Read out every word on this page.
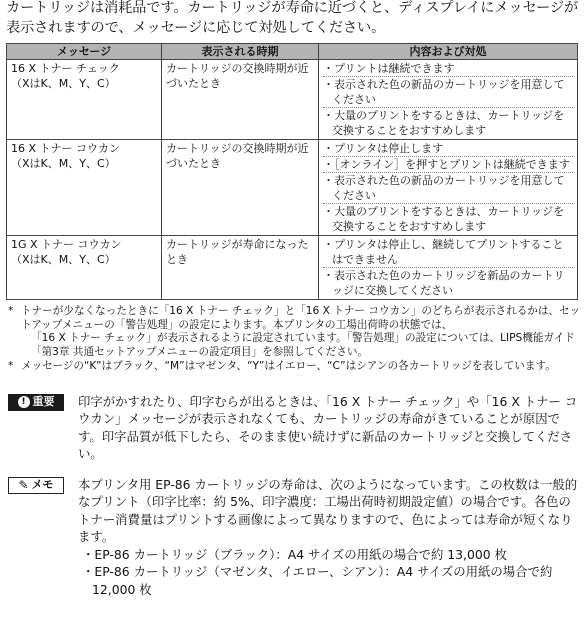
カートリッジは消耗品です。カートリッジが寿命に近づくと、ディスプレイにメッセージが表示されますので、メッセージに応じて対処してください。

メッセージ	表示される時期	内容および対処

16 X トナー チェック
（XはK、M、Y、C）	カートリッジの交換時期が近づいたとき	・プリントは継続できます
・表示された色の新品のカートリッジを用意してください
・大量のプリントをするときは、カートリッジを交換することをおすすめします

16 X トナー コウカン
（XはK、M、Y、C）	カートリッジの交換時期が近づいたとき	・プリンタは停止します
・［オンライン］を押すとプリントは継続できます
・表示された色の新品のカートリッジを用意してください
・大量のプリントをするときは、カートリッジを交換することをおすすめします

1G X トナー コウカン
（XはK、M、Y、C）	カートリッジが寿命になったとき	・プリンタは停止し、継続してプリントすることはできません
・表示された色のカートリッジを新品のカートリッジに交換してください
* トナーが少なくなったときに「16 X トナー チェック」と「16 X トナー コウカン」のどちらが表示されるかは、セットアップメニューの「警告処理」の設定によります。本プリンタの工場出荷時の状態では、
「16 X トナー チェック」が表示されるように設定されています。「警告処理」の設定については、LIPS機能ガイド「第3章 共通セットアップメニューの設定項目」を参照してください。
* メッセージの“K”はブラック、“M”はマゼンタ、“Y”はイエロー、“C”はシアンの各カートリッジを表しています。
! 重要 印字がかすれたり、印字むらが出るときは、「16 X トナー チェック」や「16 X トナー コウカン」メッセージが表示されなくても、カートリッジの寿命がきていることが原因です。印字品質が低下したら、そのまま使い続けずに新品のカートリッジと交換してください。

✎ メモ 本プリンタ用 EP-86 カートリッジの寿命は、次のようになっています。この枚数は一般的なプリント（印字比率：約 5%、印字濃度：工場出荷時初期設定値）の場合です。各色のトナー消費量はプリントする画像によって異なりますので、色によっては寿命が短くなります。

・EP-86 カートリッジ（ブラック）：A4 サイズの用紙の場合で約 13,000 枚
・EP-86 カートリッジ（マゼンタ、イエロー、シアン）：A4 サイズの用紙の場合で約 12,000 枚
